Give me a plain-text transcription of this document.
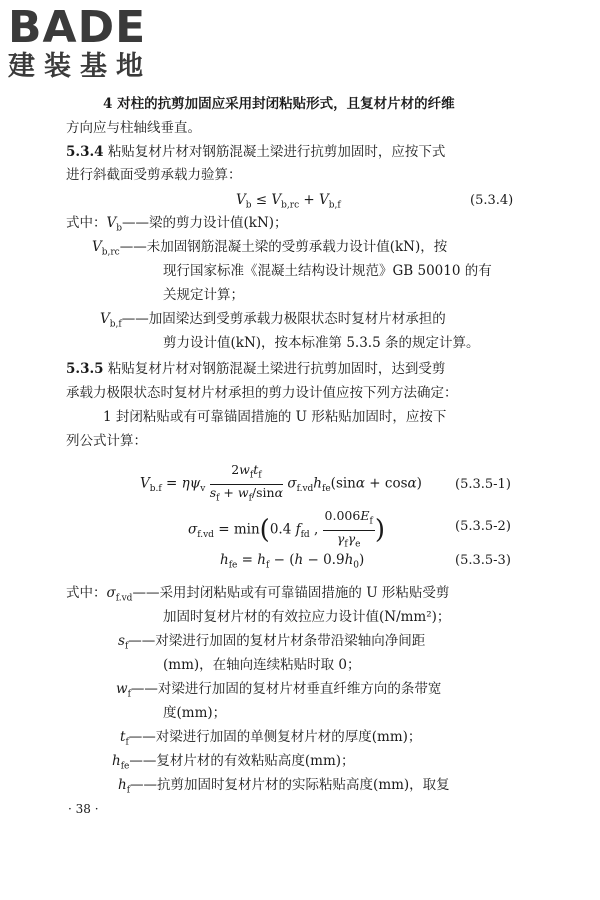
BADE
建装基地
4 对柱的抗剪加固应采用封闭粘贴形式，且复材片材的纤维
方向应与柱轴线垂直。
5.3.4 粘贴复材片材对钢筋混凝土梁进行抗剪加固时，应按下式
进行斜截面受剪承载力验算：
$V_b \le V_{b,rc} + V_{b,f}$	(5.3.4)
式中：$V_b——$梁的剪力设计值(kN)；
$V_{b,rc}——$未加固钢筋混凝土梁的受剪承载力设计值(kN)，按
现行国家标准《混凝土结构设计规范》GB 50010 的有
关规定计算；
$V_{b,f}——$加固梁达到受剪承载力极限状态时复材片材承担的
剪力设计值(kN)，按本标准第 5.3.5 条的规定计算。
5.3.5 粘贴复材片材对钢筋混凝土梁进行抗剪加固时，达到受剪
承载力极限状态时复材片材承担的剪力设计值应按下列方法确定：
1 封闭粘贴或有可靠锚固措施的 U 形粘贴加固时，应按下
列公式计算：
$V_{b.f} = \eta\psi_v \frac{2w_ft_f}{s_f + w_f/\sin\alpha} \sigma_{f.vd}h_{fe}(\sin\alpha + \cos\alpha)$	(5.3.5-1)
$\sigma_{f.vd} = \min(0.4$ $f_{fd}$ , $\frac{0.006E_f}{\gamma_f\gamma_e}$ )	(5.3.5-2)
$h_{fe} = h_f - (h - 0.9h_0)$	(5.3.5-3)
式中：$\sigma_{f.vd}——$采用封闭粘贴或有可靠锚固措施的 U 形粘贴受剪
加固时复材片材的有效拉应力设计值(N/mm²)；
$s_f——$对梁进行加固的复材片材条带沿梁轴向净间距
(mm)，在轴向连续粘贴时取 0；
$w_f——$对梁进行加固的复材片材垂直纤维方向的条带宽
度(mm)；
$t_f——$对梁进行加固的单侧复材片材的厚度(mm)；
$h_{fe}——$复材片材的有效粘贴高度(mm)；
$h_f——$抗剪加固时复材片材的实际粘贴高度(mm)，取复
· 38 ·
